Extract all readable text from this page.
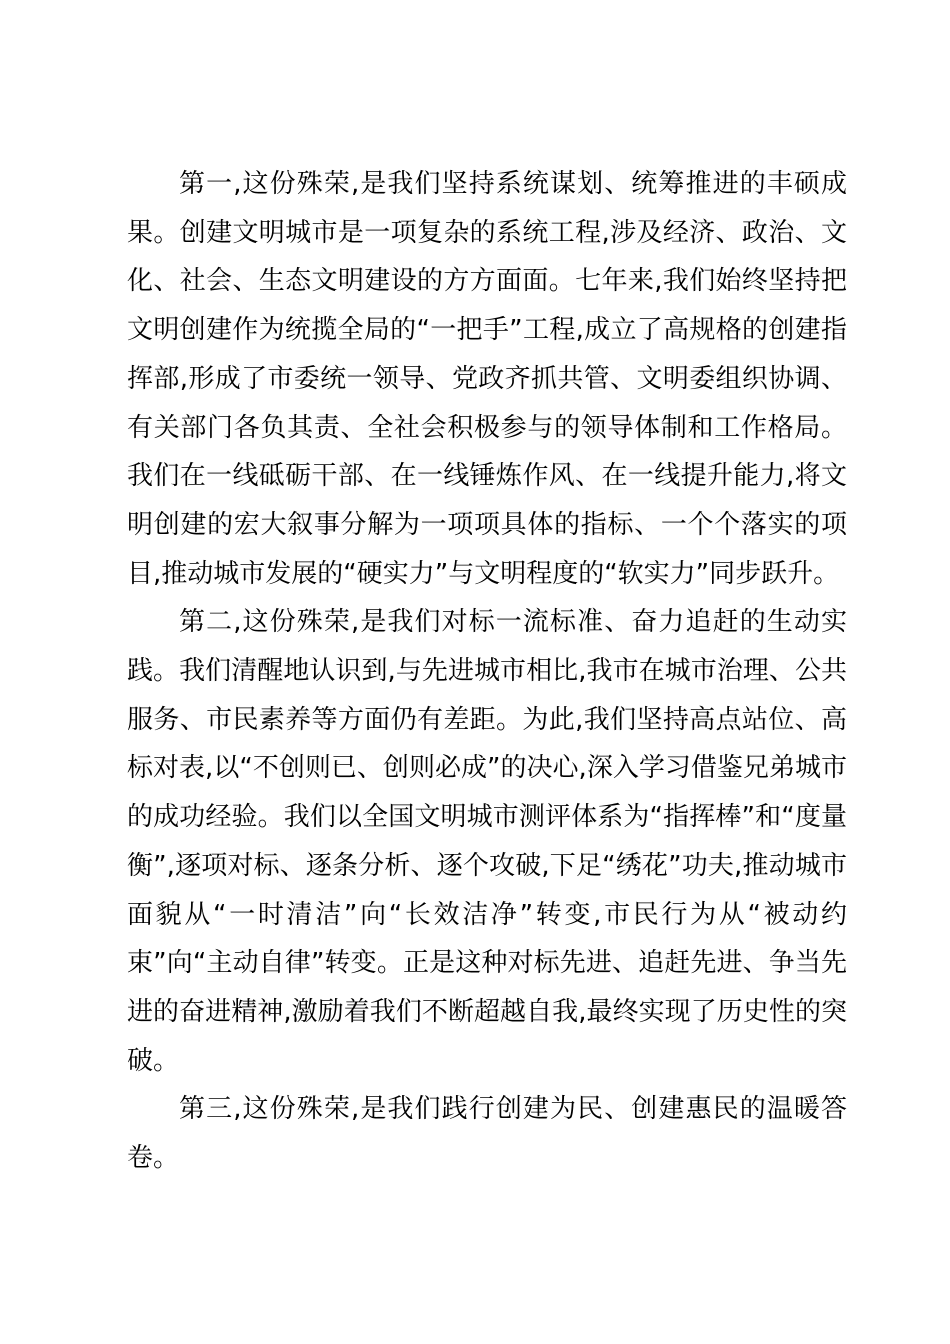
第一,这份殊荣,是我们坚持系统谋划、统筹推进的丰硕成果。创建文明城市是一项复杂的系统工程,涉及经济、政治、文化、社会、生态文明建设的方方面面。七年来,我们始终坚持把文明创建作为统揽全局的“一把手”工程,成立了高规格的创建指挥部,形成了市委统一领导、党政齐抓共管、文明委组织协调、有关部门各负其责、全社会积极参与的领导体制和工作格局。我们在一线砥砺干部、在一线锤炼作风、在一线提升能力,将文明创建的宏大叙事分解为一项项具体的指标、一个个落实的项目,推动城市发展的“硬实力”与文明程度的“软实力”同步跃升。

第二,这份殊荣,是我们对标一流标准、奋力追赶的生动实践。我们清醒地认识到,与先进城市相比,我市在城市治理、公共服务、市民素养等方面仍有差距。为此,我们坚持高点站位、高标对表,以“不创则已、创则必成”的决心,深入学习借鉴兄弟城市的成功经验。我们以全国文明城市测评体系为“指挥棒”和“度量衡”,逐项对标、逐条分析、逐个攻破,下足“绣花”功夫,推动城市面貌从“一时清洁”向“长效洁净”转变,市民行为从“被动约束”向“主动自律”转变。正是这种对标先进、追赶先进、争当先进的奋进精神,激励着我们不断超越自我,最终实现了历史性的突破。

第三,这份殊荣,是我们践行创建为民、创建惠民的温暖答卷。
